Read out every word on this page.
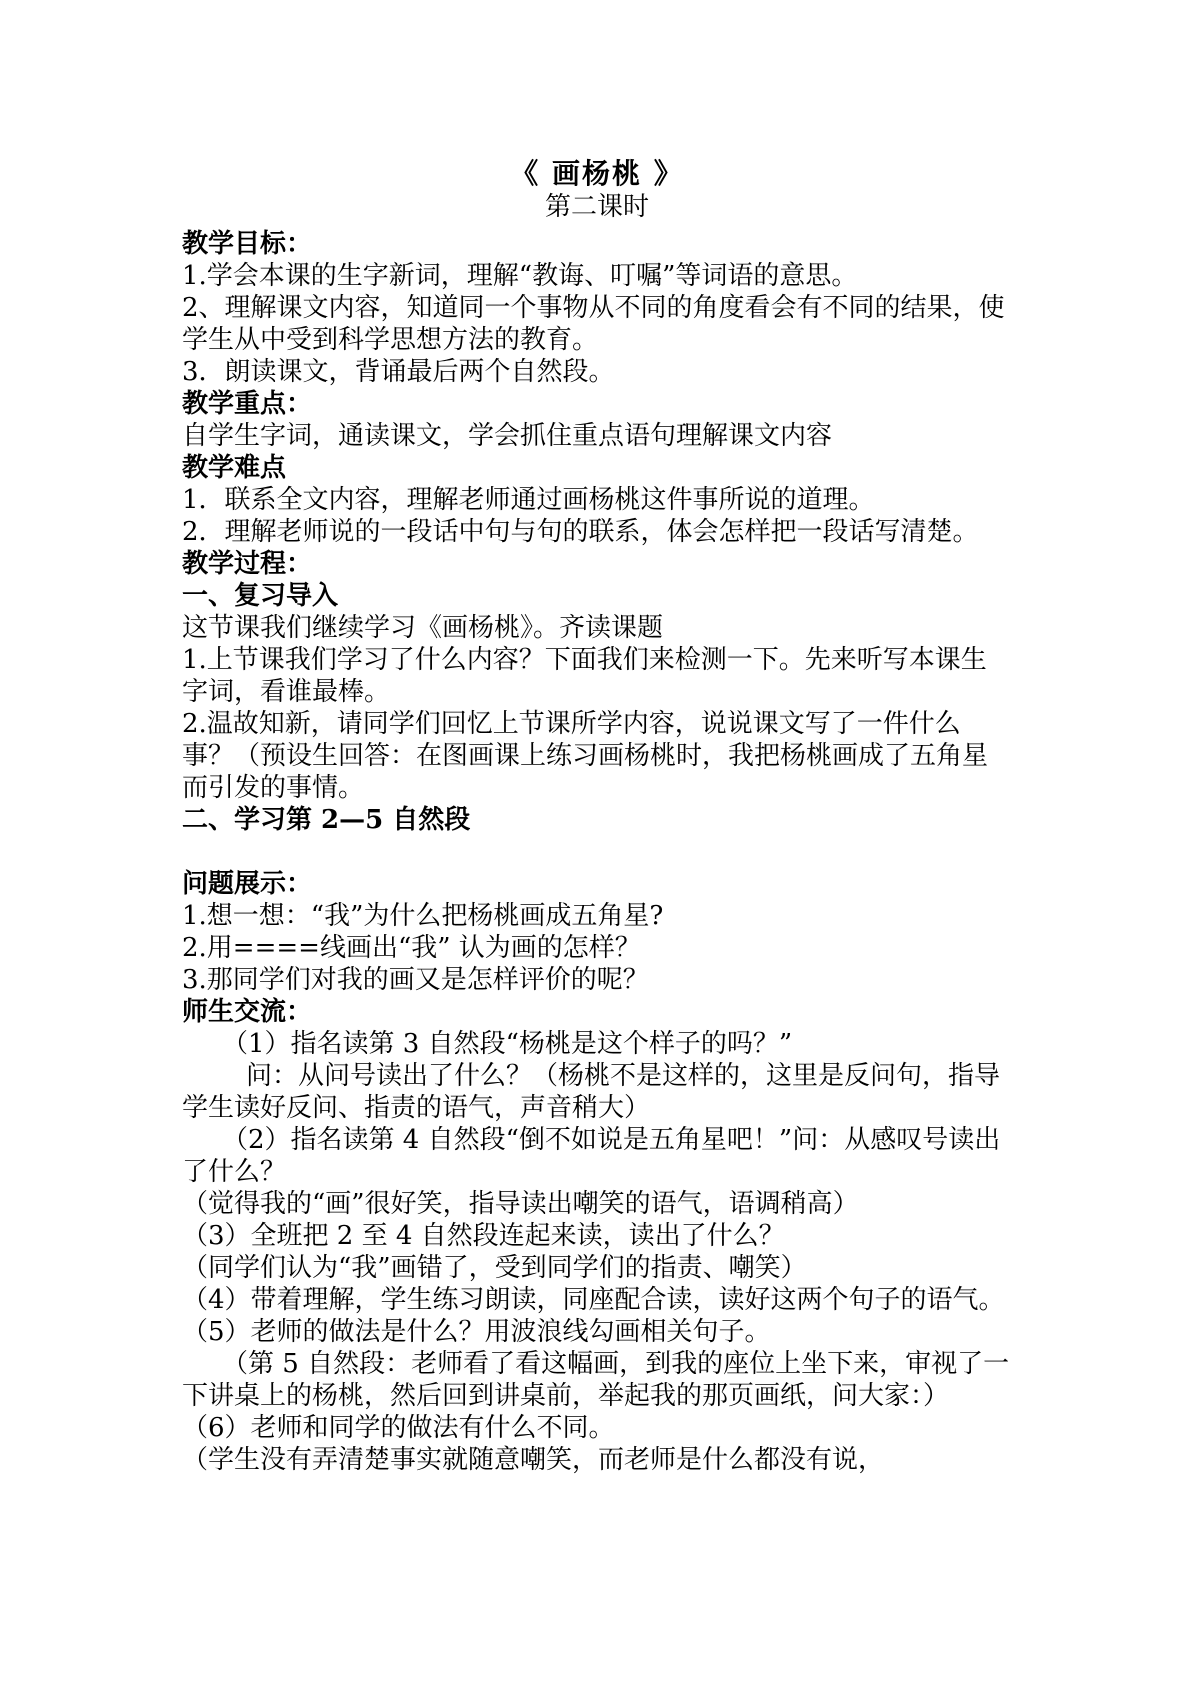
《 画杨桃 》

第二课时

教学目标：

1.学会本课的生字新词，理解“教诲、叮嘱”等词语的意思。

2、理解课文内容，知道同一个事物从不同的角度看会有不同的结果，使学生从中受到科学思想方法的教育。

3．朗读课文，背诵最后两个自然段。

教学重点：

自学生字词，通读课文，学会抓住重点语句理解课文内容

教学难点

1．联系全文内容，理解老师通过画杨桃这件事所说的道理。

2．理解老师说的一段话中句与句的联系，体会怎样把一段话写清楚。

教学过程：

一、复习导入

这节课我们继续学习《画杨桃》。齐读课题

1.上节课我们学习了什么内容？下面我们来检测一下。先来听写本课生字词，看谁最棒。

2.温故知新，请同学们回忆上节课所学内容，说说课文写了一件什么事？（预设生回答：在图画课上练习画杨桃时，我把杨桃画成了五角星而引发的事情。

二、学习第 2—5 自然段

问题展示：

1.想一想：“我”为什么把杨桃画成五角星?

2.用====线画出“我” 认为画的怎样？

3.那同学们对我的画又是怎样评价的呢？

师生交流：

（1）指名读第 3 自然段“杨桃是这个样子的吗？”

问：从问号读出了什么？（杨桃不是这样的，这里是反问句，指导学生读好反问、指责的语气，声音稍大）

（2）指名读第 4 自然段“倒不如说是五角星吧！”问：从感叹号读出了什么？

（觉得我的“画”很好笑，指导读出嘲笑的语气，语调稍高）

（3）全班把 2 至 4 自然段连起来读，读出了什么？

（同学们认为“我”画错了，受到同学们的指责、嘲笑）

（4）带着理解，学生练习朗读，同座配合读，读好这两个句子的语气。

（5）老师的做法是什么？用波浪线勾画相关句子。

（第 5 自然段：老师看了看这幅画，到我的座位上坐下来，审视了一下讲桌上的杨桃，然后回到讲桌前，举起我的那页画纸，问大家：）

（6）老师和同学的做法有什么不同。

（学生没有弄清楚事实就随意嘲笑，而老师是什么都没有说，
